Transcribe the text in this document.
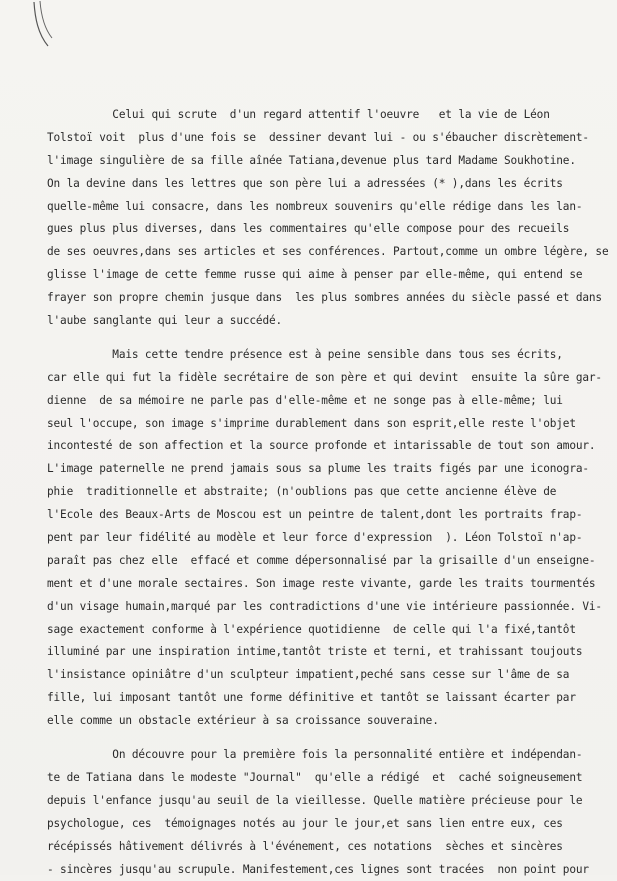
Celui qui scrute  d'un regard attentif l'oeuvre   et la vie de Léon
Tolstoï voit  plus d'une fois se  dessiner devant lui - ou s'ébaucher discrètement-
l'image singulière de sa fille aînée Tatiana,devenue plus tard Madame Soukhotine.
On la devine dans les lettres que son père lui a adressées (* ),dans les écrits
quelle-même lui consacre, dans les nombreux souvenirs qu'elle rédige dans les lan-
gues plus plus diverses, dans les commentaires qu'elle compose pour des recueils
de ses oeuvres,dans ses articles et ses conférences. Partout,comme un ombre légère, se
glisse l'image de cette femme russe qui aime à penser par elle-même, qui entend se
frayer son propre chemin jusque dans  les plus sombres années du siècle passé et dans
l'aube sanglante qui leur a succédé.
Mais cette tendre présence est à peine sensible dans tous ses écrits,
car elle qui fut la fidèle secrétaire de son père et qui devint  ensuite la sûre gar-
dienne  de sa mémoire ne parle pas d'elle-même et ne songe pas à elle-même; lui
seul l'occupe, son image s'imprime durablement dans son esprit,elle reste l'objet
incontesté de son affection et la source profonde et intarissable de tout son amour.
L'image paternelle ne prend jamais sous sa plume les traits figés par une iconogra-
phie  traditionnelle et abstraite; (n'oublions pas que cette ancienne élève de
l'Ecole des Beaux-Arts de Moscou est un peintre de talent,dont les portraits frap-
pent par leur fidélité au modèle et leur force d'expression  ). Léon Tolstoï n'ap-
paraît pas chez elle  effacé et comme dépersonnalisé par la grisaille d'un enseigne-
ment et d'une morale sectaires. Son image reste vivante, garde les traits tourmentés
d'un visage humain,marqué par les contradictions d'une vie intérieure passionnée. Vi-
sage exactement conforme à l'expérience quotidienne  de celle qui l'a fixé,tantôt
illuminé par une inspiration intime,tantôt triste et terni, et trahissant toujouts
l'insistance opiniâtre d'un sculpteur impatient,peché sans cesse sur l'âme de sa
fille, lui imposant tantôt une forme définitive et tantôt se laissant écarter par
elle comme un obstacle extérieur à sa croissance souveraine.
On découvre pour la première fois la personnalité entière et indépendan-
te de Tatiana dans le modeste "Journal"  qu'elle a rédigé  et  caché soigneusement
depuis l'enfance jusqu'au seuil de la vieillesse. Quelle matière précieuse pour le
psychologue, ces  témoignages notés au jour le jour,et sans lien entre eux, ces
récépissés hâtivement délivrés à l'événement, ces notations  sèches et sincères
- sincères jusqu'au scrupule. Manifestement,ces lignes sont tracées  non point pour
